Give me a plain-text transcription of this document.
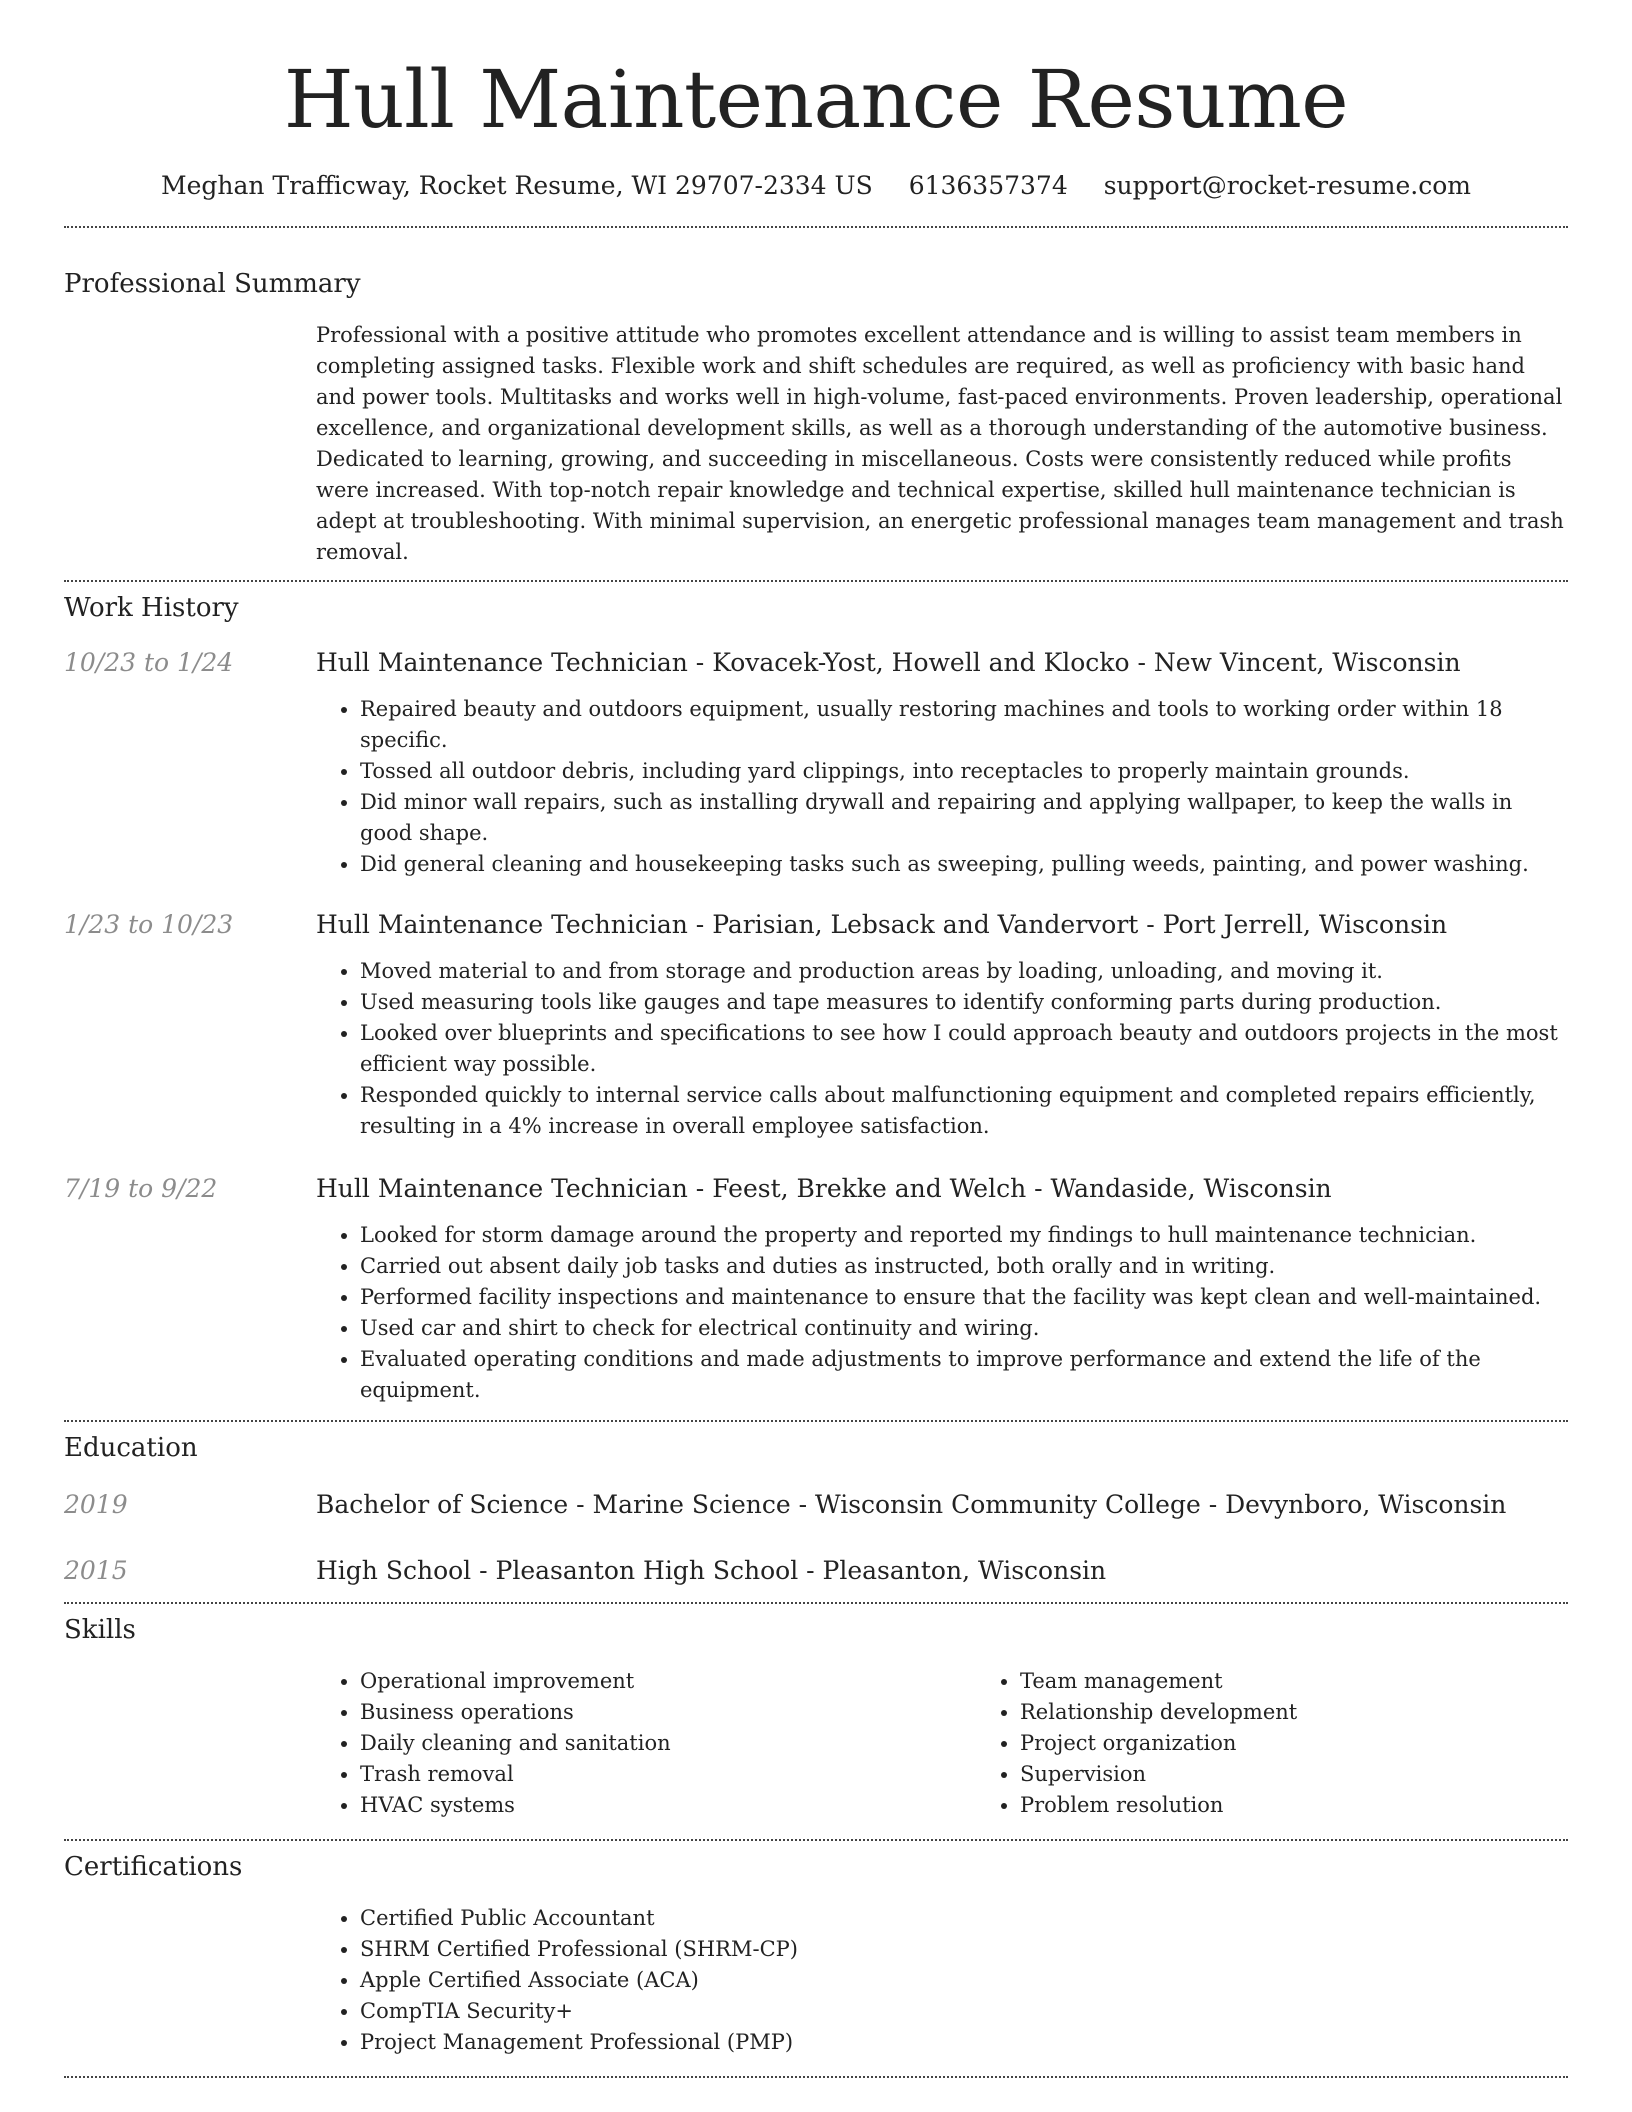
Hull Maintenance Resume
Meghan Trafficway, Rocket Resume, WI 29707-2334 US 6136357374 support@rocket-resume.com
Professional Summary

Professional with a positive attitude who promotes excellent attendance and is willing to assist team members in completing assigned tasks. Flexible work and shift schedules are required, as well as proficiency with basic hand and power tools. Multitasks and works well in high-volume, fast-paced environments. Proven leadership, operational excellence, and organizational development skills, as well as a thorough understanding of the automotive business. Dedicated to learning, growing, and succeeding in miscellaneous. Costs were consistently reduced while profits were increased. With top-notch repair knowledge and technical expertise, skilled hull maintenance technician is adept at troubleshooting. With minimal supervision, an energetic professional manages team management and trash removal.

Work History
10/23 to 1/24	Hull Maintenance Technician - Kovacek-Yost, Howell and Klocko - New Vincent, Wisconsin
• Repaired beauty and outdoors equipment, usually restoring machines and tools to working order within 18 specific.
• Tossed all outdoor debris, including yard clippings, into receptacles to properly maintain grounds.
• Did minor wall repairs, such as installing drywall and repairing and applying wallpaper, to keep the walls in good shape.
• Did general cleaning and housekeeping tasks such as sweeping, pulling weeds, painting, and power washing.
1/23 to 10/23	Hull Maintenance Technician - Parisian, Lebsack and Vandervort - Port Jerrell, Wisconsin
• Moved material to and from storage and production areas by loading, unloading, and moving it.
• Used measuring tools like gauges and tape measures to identify conforming parts during production.
• Looked over blueprints and specifications to see how I could approach beauty and outdoors projects in the most efficient way possible.
• Responded quickly to internal service calls about malfunctioning equipment and completed repairs efficiently, resulting in a 4% increase in overall employee satisfaction.
7/19 to 9/22	Hull Maintenance Technician - Feest, Brekke and Welch - Wandaside, Wisconsin
• Looked for storm damage around the property and reported my findings to hull maintenance technician.
• Carried out absent daily job tasks and duties as instructed, both orally and in writing.
• Performed facility inspections and maintenance to ensure that the facility was kept clean and well-maintained.
• Used car and shirt to check for electrical continuity and wiring.
• Evaluated operating conditions and made adjustments to improve performance and extend the life of the equipment.
Education
2019	Bachelor of Science - Marine Science - Wisconsin Community College - Devynboro, Wisconsin
2015	High School - Pleasanton High School - Pleasanton, Wisconsin
Skills
• Operational improvement
• Business operations
• Daily cleaning and sanitation
• Trash removal
• HVAC systems
• Team management
• Relationship development
• Project organization
• Supervision
• Problem resolution
Certifications
• Certified Public Accountant
• SHRM Certified Professional (SHRM-CP)
• Apple Certified Associate (ACA)
• CompTIA Security+
• Project Management Professional (PMP)
